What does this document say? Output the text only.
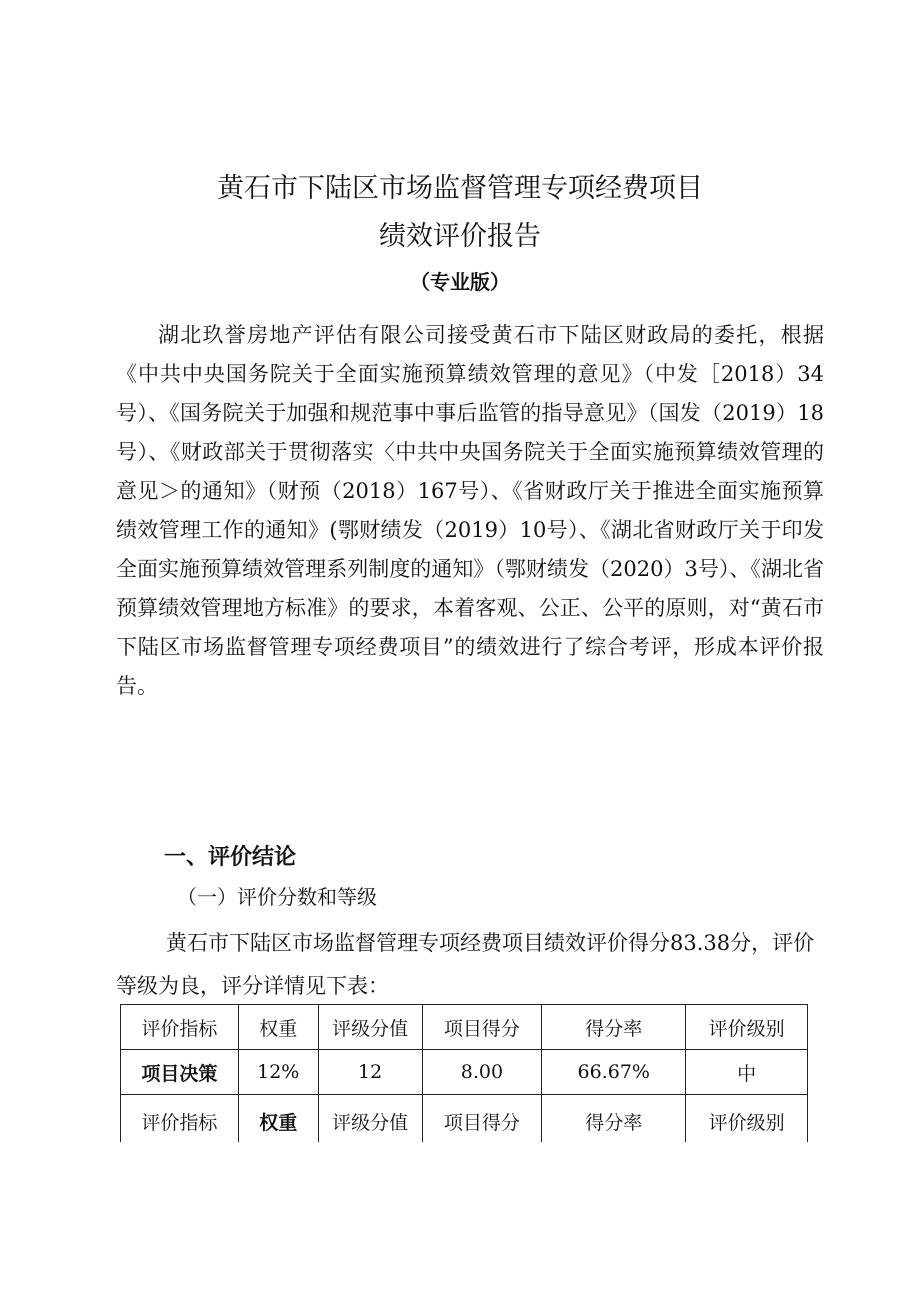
黄石市下陆区市场监督管理专项经费项目
绩效评价报告
（专业版）

湖北玖誉房地产评估有限公司接受黄石市下陆区财政局的委托，根据《中共中央国务院关于全面实施预算绩效管理的意见》（中发［2018）34号）、《国务院关于加强和规范事中事后监管的指导意见》（国发（2019）18号）、《财政部关于贯彻落实〈中共中央国务院关于全面实施预算绩效管理的意见＞的通知》（财预（2018）167号）、《省财政厅关于推进全面实施预算绩效管理工作的通知》(鄂财绩发（2019）10号）、《湖北省财政厅关于印发全面实施预算绩效管理系列制度的通知》（鄂财绩发（2020）3号）、《湖北省预算绩效管理地方标准》的要求，本着客观、公正、公平的原则，对“黄石市下陆区市场监督管理专项经费项目”的绩效进行了综合考评，形成本评价报告。

一、评价结论
（一）评价分数和等级

黄石市下陆区市场监督管理专项经费项目绩效评价得分83.38分，评价等级为良，评分详情见下表：

评价指标	权重	评级分值	项目得分	得分率	评价级别
项目决策	12%	12	8.00	66.67%	中
评价指标	权重	评级分值	项目得分	得分率	评价级别
